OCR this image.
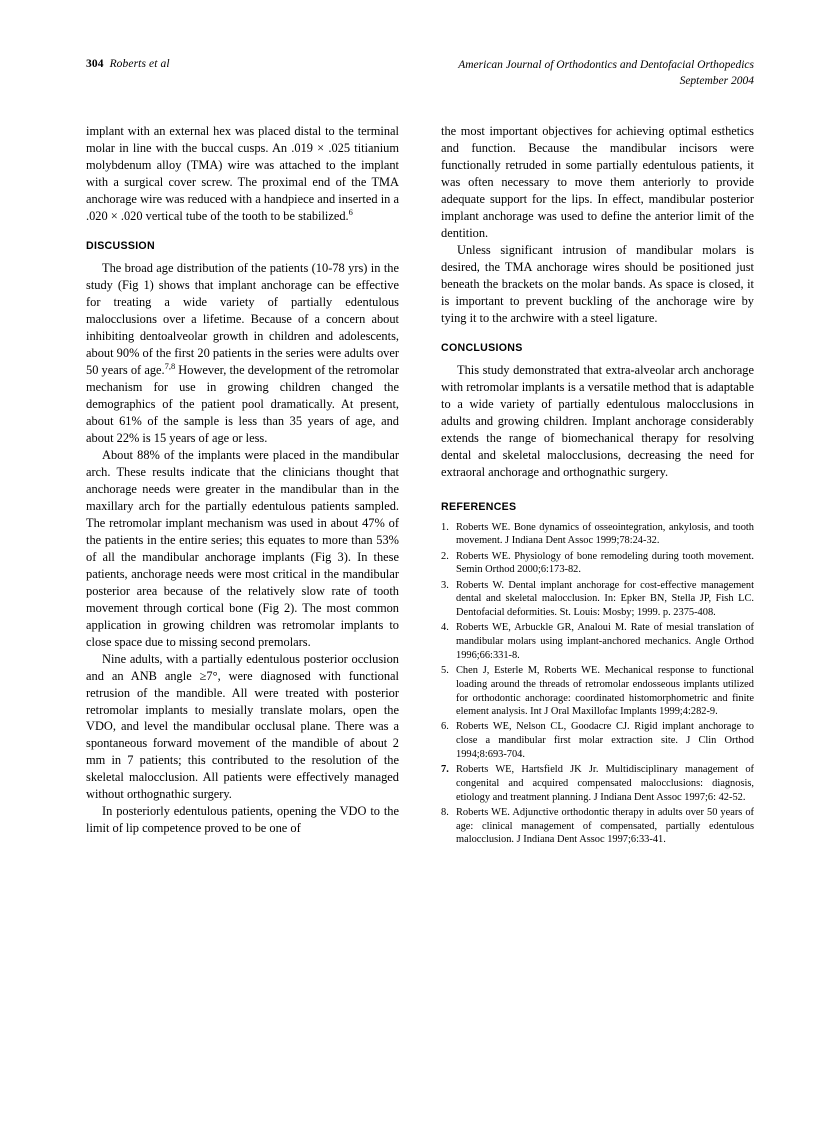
304 Roberts et al	American Journal of Orthodontics and Dentofacial Orthopedics
September 2004

implant with an external hex was placed distal to the terminal molar in line with the buccal cusps. An .019 × .025 titianium molybdenum alloy (TMA) wire was attached to the implant with a surgical cover screw. The proximal end of the TMA anchorage wire was reduced with a handpiece and inserted in a .020 × .020 vertical tube of the tooth to be stabilized.$^6$

DISCUSSION

The broad age distribution of the patients (10-78 yrs) in the study (Fig 1) shows that implant anchorage can be effective for treating a wide variety of partially edentulous malocclusions over a lifetime. Because of a concern about inhibiting dentoalveolar growth in children and adolescents, about 90% of the first 20 patients in the series were adults over 50 years of age.$^{7,8}$ However, the development of the retromolar mechanism for use in growing children changed the demographics of the patient pool dramatically. At present, about 61% of the sample is less than 35 years of age, and about 22% is 15 years of age or less.

About 88% of the implants were placed in the mandibular arch. These results indicate that the clinicians thought that anchorage needs were greater in the mandibular than in the maxillary arch for the partially edentulous patients sampled. The retromolar implant mechanism was used in about 47% of the patients in the entire series; this equates to more than 53% of all the mandibular anchorage implants (Fig 3). In these patients, anchorage needs were most critical in the mandibular posterior area because of the relatively slow rate of tooth movement through cortical bone (Fig 2). The most common application in growing children was retromolar implants to close space due to missing second premolars.

Nine adults, with a partially edentulous posterior occlusion and an ANB angle ≥7°, were diagnosed with functional retrusion of the mandible. All were treated with posterior retromolar implants to mesially translate molars, open the VDO, and level the mandibular occlusal plane. There was a spontaneous forward movement of the mandible of about 2 mm in 7 patients; this contributed to the resolution of the skeletal malocclusion. All patients were effectively managed without orthognathic surgery.

In posteriorly edentulous patients, opening the VDO to the limit of lip competence proved to be one of

the most important objectives for achieving optimal esthetics and function. Because the mandibular incisors were functionally retruded in some partially edentulous patients, it was often necessary to move them anteriorly to provide adequate support for the lips. In effect, mandibular posterior implant anchorage was used to define the anterior limit of the dentition.

Unless significant intrusion of mandibular molars is desired, the TMA anchorage wires should be positioned just beneath the brackets on the molar bands. As space is closed, it is important to prevent buckling of the anchorage wire by tying it to the archwire with a steel ligature.

CONCLUSIONS

This study demonstrated that extra-alveolar arch anchorage with retromolar implants is a versatile method that is adaptable to a wide variety of partially edentulous malocclusions in adults and growing children. Implant anchorage considerably extends the range of biomechanical therapy for resolving dental and skeletal malocclusions, decreasing the need for extraoral anchorage and orthognathic surgery.

REFERENCES
1. Roberts WE. Bone dynamics of osseointegration, ankylosis, and tooth movement. J Indiana Dent Assoc 1999;78:24-32.
2. Roberts WE. Physiology of bone remodeling during tooth movement. Semin Orthod 2000;6:173-82.
3. Roberts W. Dental implant anchorage for cost-effective management dental and skeletal malocclusion. In: Epker BN, Stella JP, Fish LC. Dentofacial deformities. St. Louis: Mosby; 1999. p. 2375-408.
4. Roberts WE, Arbuckle GR, Analoui M. Rate of mesial translation of mandibular molars using implant-anchored mechanics. Angle Orthod 1996;66:331-8.
5. Chen J, Esterle M, Roberts WE. Mechanical response to functional loading around the threads of retromolar endosseous implants utilized for orthodontic anchorage: coordinated histomorphometric and finite element analysis. Int J Oral Maxillofac Implants 1999;4:282-9.
6. Roberts WE, Nelson CL, Goodacre CJ. Rigid implant anchorage to close a mandibular first molar extraction site. J Clin Orthod 1994;8:693-704.
7. Roberts WE, Hartsfield JK Jr. Multidisciplinary management of congenital and acquired compensated malocclusions: diagnosis, etiology and treatment planning. J Indiana Dent Assoc 1997;6: 42-52.
8. Roberts WE. Adjunctive orthodontic therapy in adults over 50 years of age: clinical management of compensated, partially edentulous malocclusion. J Indiana Dent Assoc 1997;6:33-41.
